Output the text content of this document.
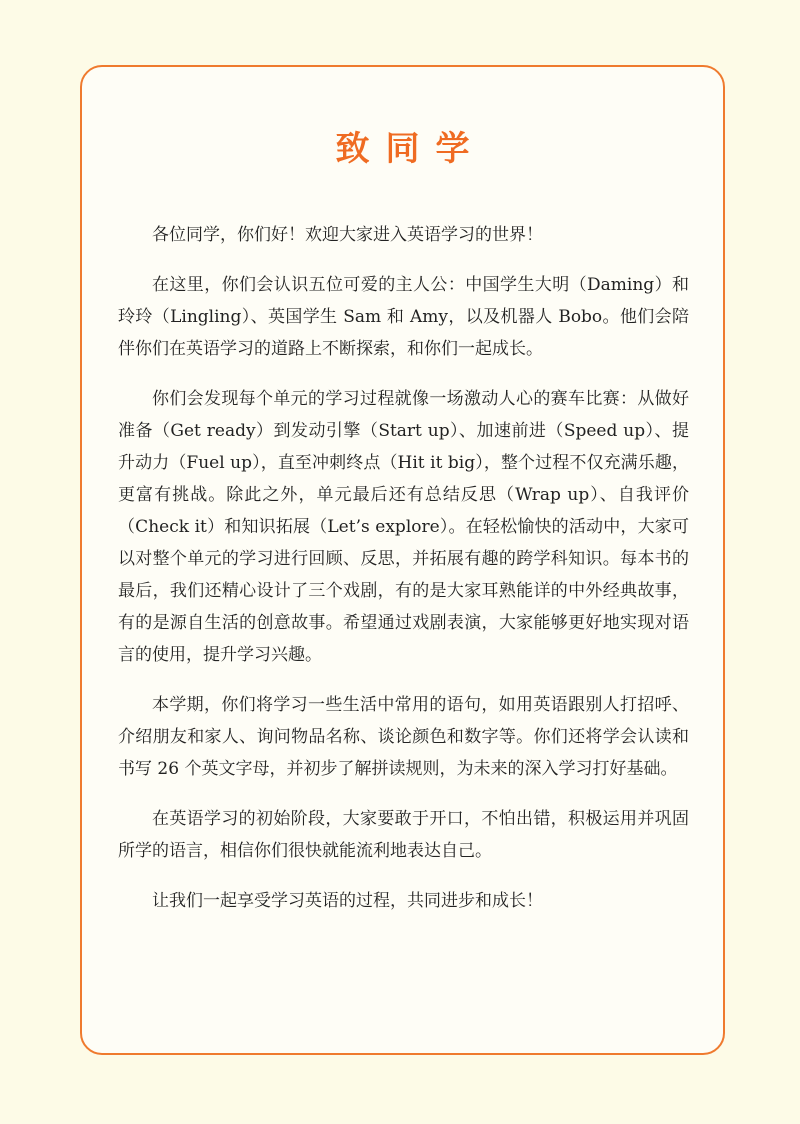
致同学

各位同学，你们好！欢迎大家进入英语学习的世界！

在这里，你们会认识五位可爱的主人公：中国学生大明（Daming）和玲玲（Lingling）、英国学生 Sam 和 Amy，以及机器人 Bobo。他们会陪伴你们在英语学习的道路上不断探索，和你们一起成长。

你们会发现每个单元的学习过程就像一场激动人心的赛车比赛：从做好准备（Get ready）到发动引擎（Start up）、加速前进（Speed up）、提升动力（Fuel up），直至冲刺终点（Hit it big），整个过程不仅充满乐趣，更富有挑战。除此之外，单元最后还有总结反思（Wrap up）、自我评价（Check it）和知识拓展（Let’s explore）。在轻松愉快的活动中，大家可以对整个单元的学习进行回顾、反思，并拓展有趣的跨学科知识。每本书的最后，我们还精心设计了三个戏剧，有的是大家耳熟能详的中外经典故事，有的是源自生活的创意故事。希望通过戏剧表演，大家能够更好地实现对语言的使用，提升学习兴趣。

本学期，你们将学习一些生活中常用的语句，如用英语跟别人打招呼、介绍朋友和家人、询问物品名称、谈论颜色和数字等。你们还将学会认读和书写 26 个英文字母，并初步了解拼读规则，为未来的深入学习打好基础。

在英语学习的初始阶段，大家要敢于开口，不怕出错，积极运用并巩固所学的语言，相信你们很快就能流利地表达自己。

让我们一起享受学习英语的过程，共同进步和成长！
